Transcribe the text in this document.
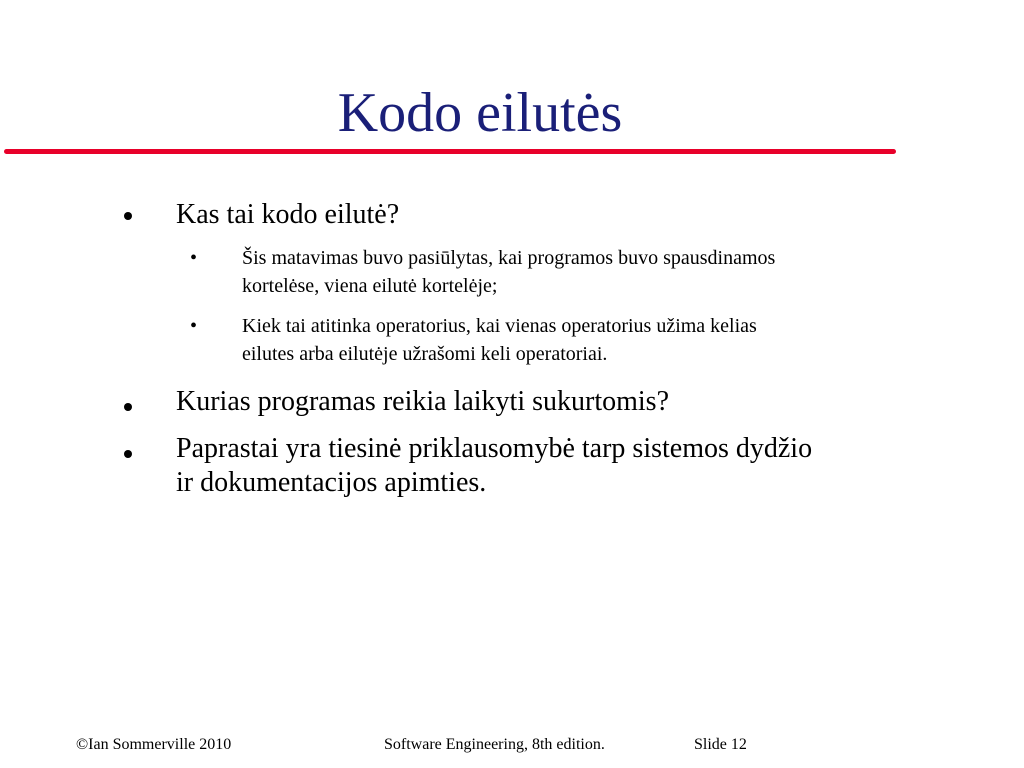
Kodo eilutės
Kas tai kodo eilutė?
• Šis matavimas buvo pasiūlytas, kai programos buvo spausdinamos
kortelėse, viena eilutė kortelėje;
• Kiek tai atitinka operatorius, kai vienas operatorius užima kelias
eilutes arba eilutėje užrašomi keli operatoriai.
Kurias programas reikia laikyti sukurtomis?
Paprastai yra tiesinė priklausomybė tarp sistemos dydžio
ir dokumentacijos apimties.
©Ian Sommerville 2010	Software Engineering, 8th edition.	Slide 12
